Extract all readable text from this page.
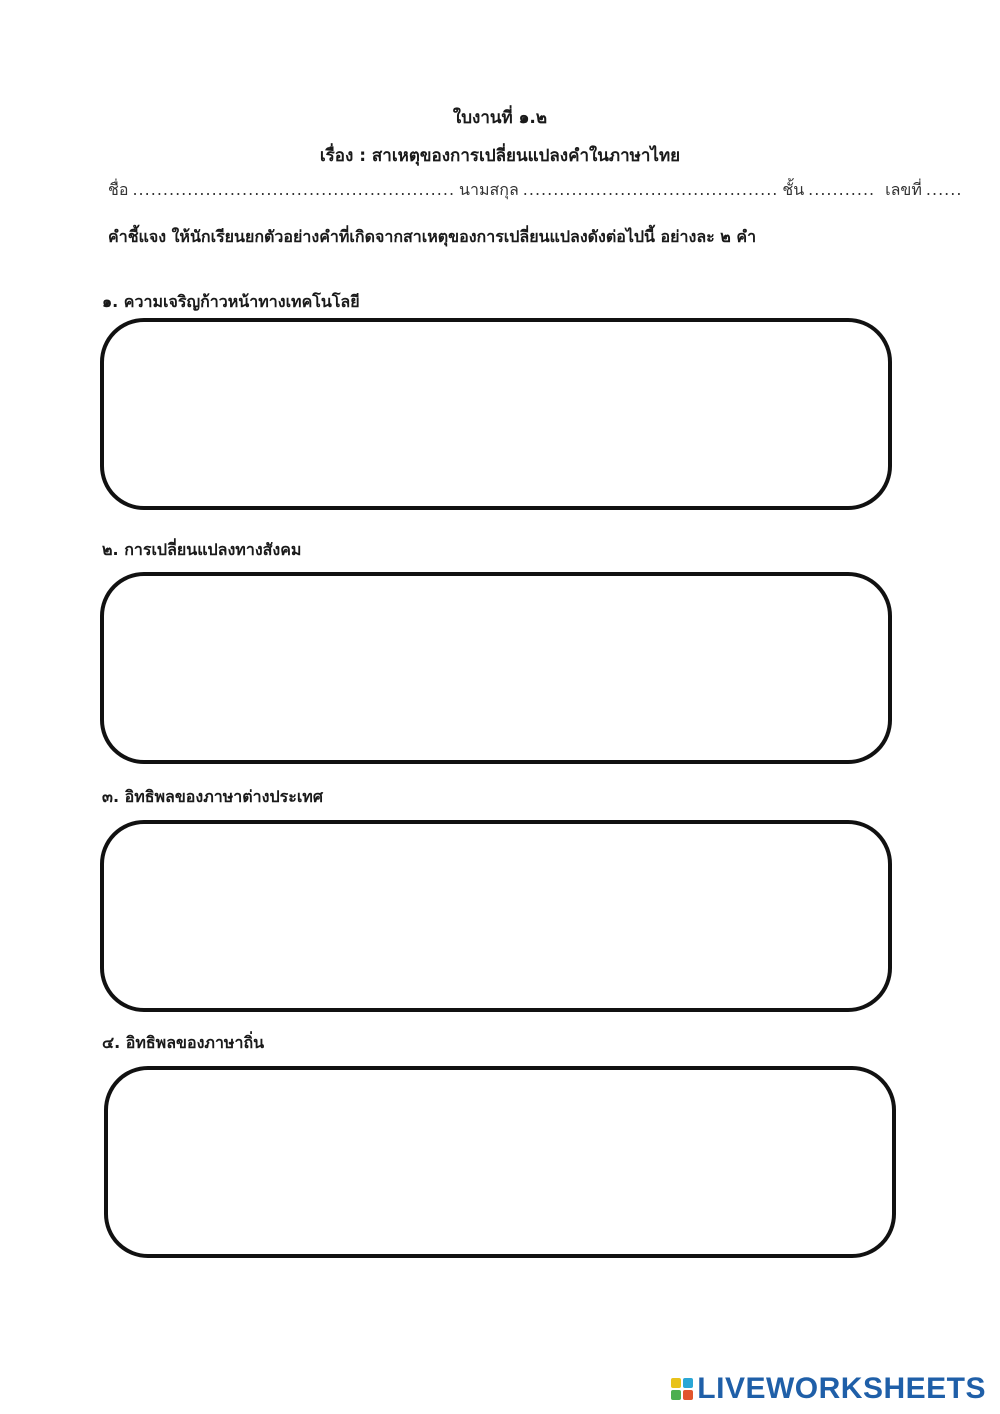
ใบงานที่ ๑.๒
เรื่อง : สาเหตุของการเปลี่ยนแปลงคำในภาษาไทย
ชื่อ ..................................................... นามสกุล .......................................... ชั้น ........... เลขที่ ......
คำชี้แจง ให้นักเรียนยกตัวอย่างคำที่เกิดจากสาเหตุของการเปลี่ยนแปลงดังต่อไปนี้ อย่างละ ๒ คำ
๑. ความเจริญก้าวหน้าทางเทคโนโลยี
๒. การเปลี่ยนแปลงทางสังคม
๓. อิทธิพลของภาษาต่างประเทศ
๔. อิทธิพลของภาษาถิ่น
LIVEWORKSHEETS
